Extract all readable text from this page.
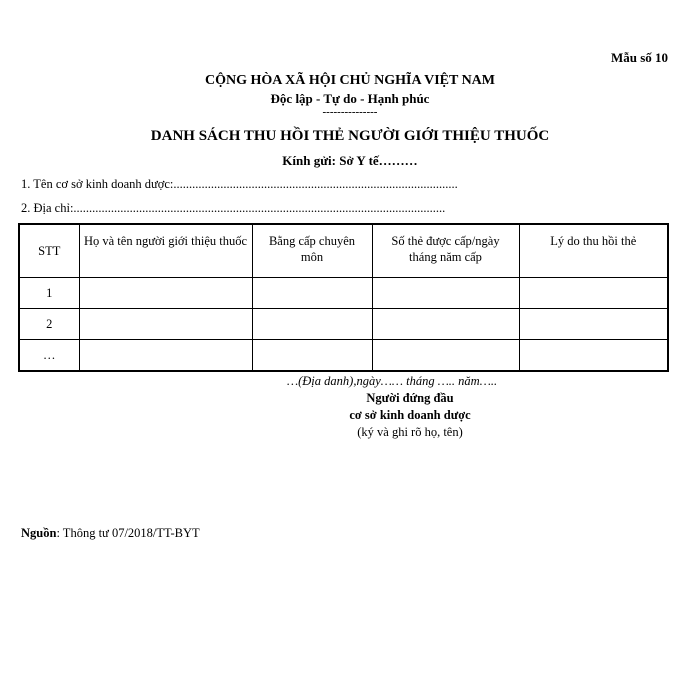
Mẫu số 10
CỘNG HÒA XÃ HỘI CHỦ NGHĨA VIỆT NAM
Độc lập - Tự do - Hạnh phúc
---------------
DANH SÁCH THU HỒI THẺ NGƯỜI GIỚI THIỆU THUỐC
Kính gửi: Sở Y tế………
1. Tên cơ sở kinh doanh dược:...........................................................................................
2. Địa chỉ:.......................................................................................................................
STT	Họ và tên người giới thiệu thuốc	Bằng cấp chuyên môn	Số thẻ được cấp/ngày tháng năm cấp	Lý do thu hồi thẻ
1				
2				
…				
…(Địa danh),ngày…… tháng ….. năm…..
Người đứng đầu
cơ sở kinh doanh dược
(ký và ghi rõ họ, tên)
Nguồn: Thông tư 07/2018/TT-BYT
